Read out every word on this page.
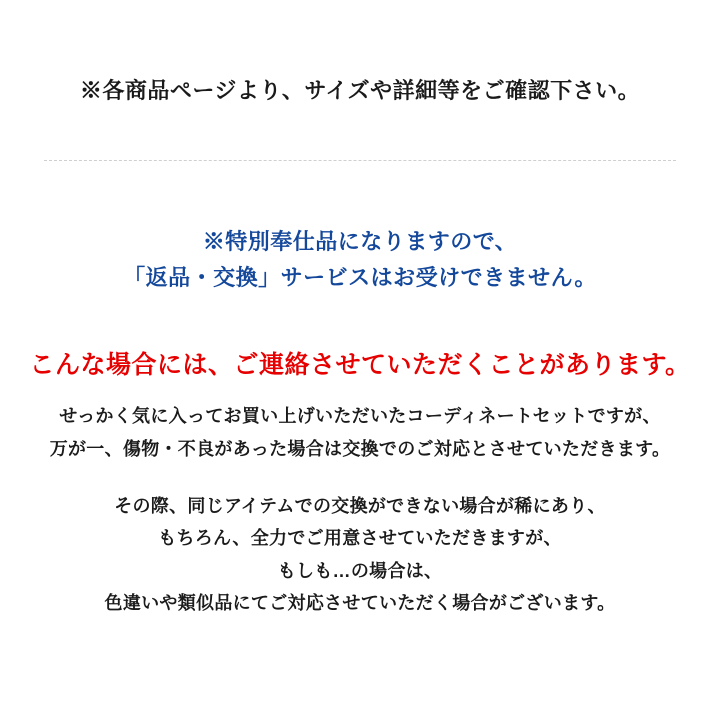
※各商品ページより、サイズや詳細等をご確認下さい。
※特別奉仕品になりますので、
「返品・交換」サービスはお受けできません。
こんな場合には、ご連絡させていただくことがあります。
せっかく気に入ってお買い上げいただいたコーディネートセットですが、
万が一、傷物・不良があった場合は交換でのご対応とさせていただきます。
その際、同じアイテムでの交換ができない場合が稀にあり、
もちろん、全力でご用意させていただきますが、
もしも…の場合は、
色違いや類似品にてご対応させていただく場合がございます。
